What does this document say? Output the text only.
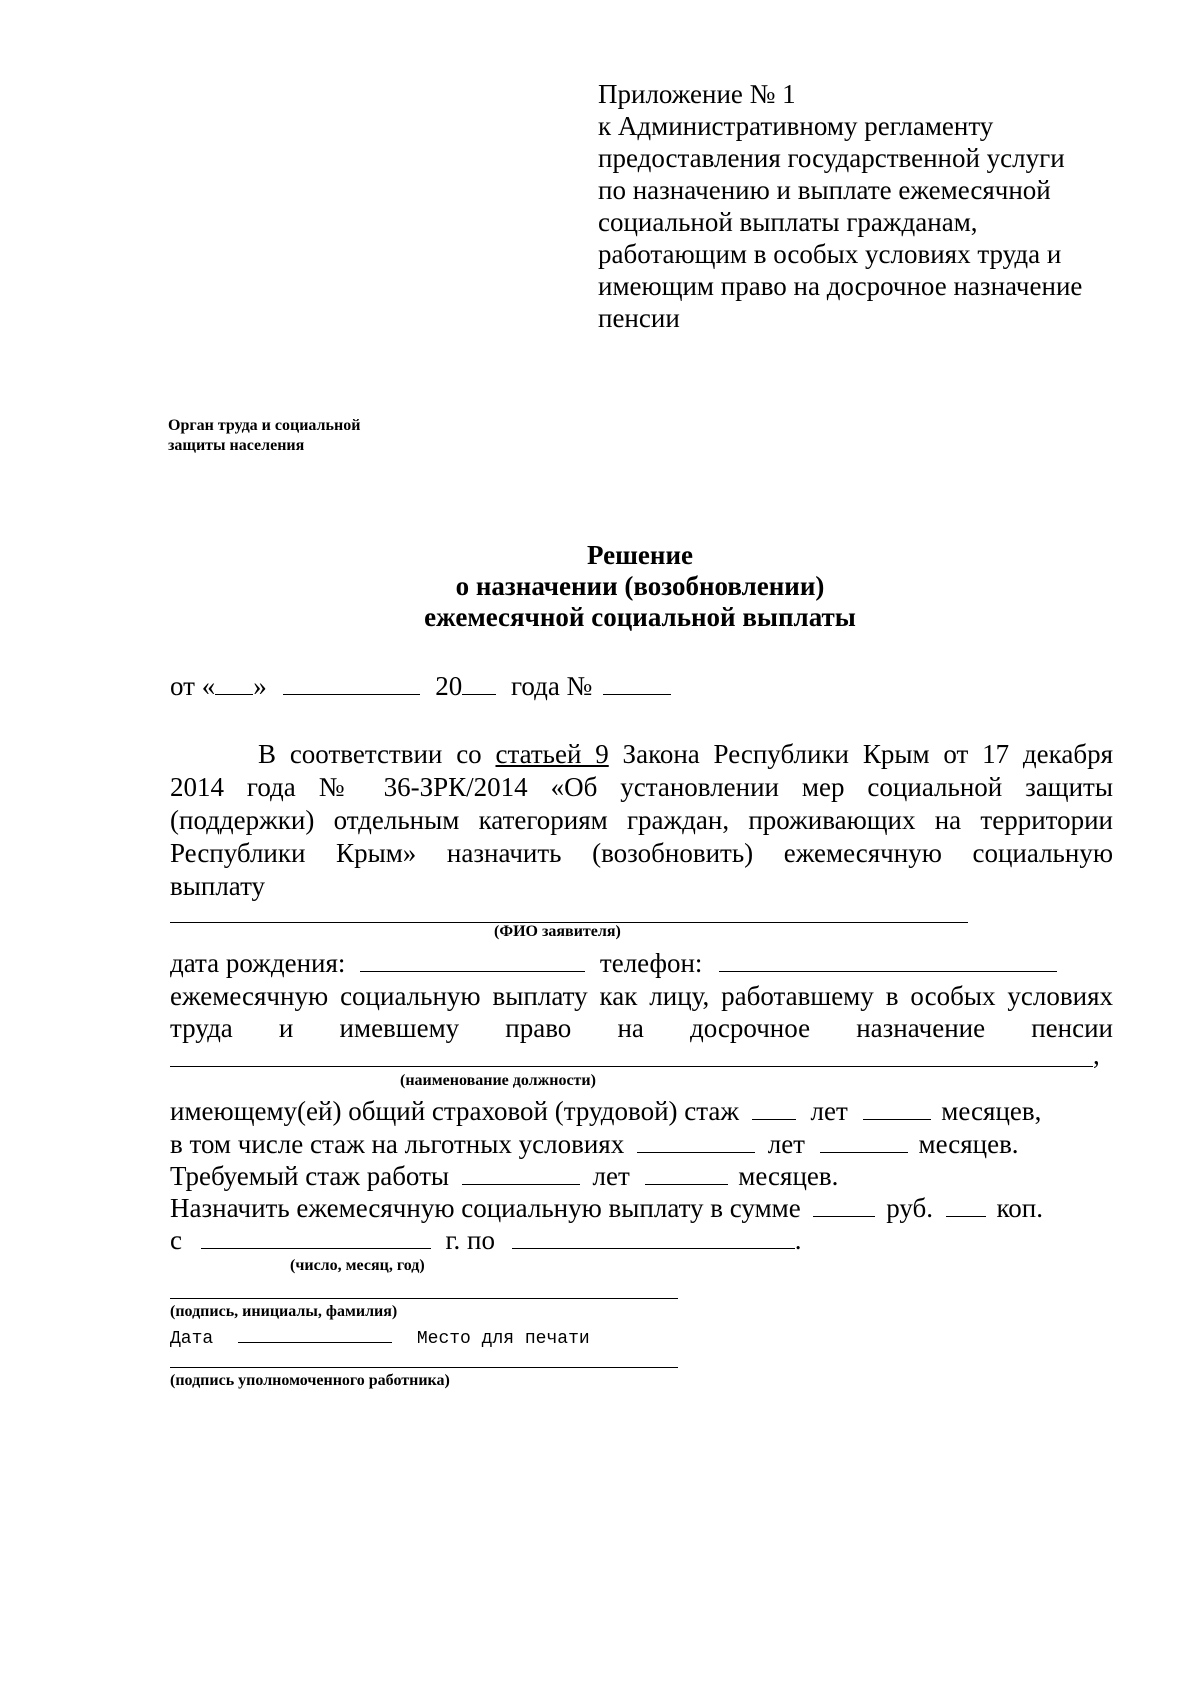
Приложение № 1
к Административному регламенту
предоставления государственной услуги
по назначению и выплате ежемесячной
социальной выплаты гражданам,
работающим в особых условиях труда и
имеющим право на досрочное назначение
пенсии
Орган труда и социальной
защиты населения
Решение
о назначении (возобновлении)
ежемесячной социальной выплаты
от « »	20 года №
В соответствии со статьей 9 Закона Республики Крым от 17 декабря
2014 года № 36-ЗРК/2014 «Об установлении мер социальной защиты
(поддержки) отдельным категориям граждан, проживающих на территории
Республики Крым» назначить (возобновить) ежемесячную социальную
выплату
(ФИО заявителя)
дата рождения:	телефон:
ежемесячную социальную выплату как лицу, работавшему в особых условиях
труда и имевшему право на досрочное назначение пенсии
,
(наименование должности)
имеющему(ей) общий страховой (трудовой) стаж	лет	месяцев,
в том числе стаж на льготных условиях	лет	месяцев.
Требуемый стаж работы	лет	месяцев.
Назначить ежемесячную социальную выплату в сумме	руб. коп.
с	г. по	.
(число, месяц, год)
(подпись, инициалы, фамилия)
Дата	Место для печати
(подпись уполномоченного работника)
